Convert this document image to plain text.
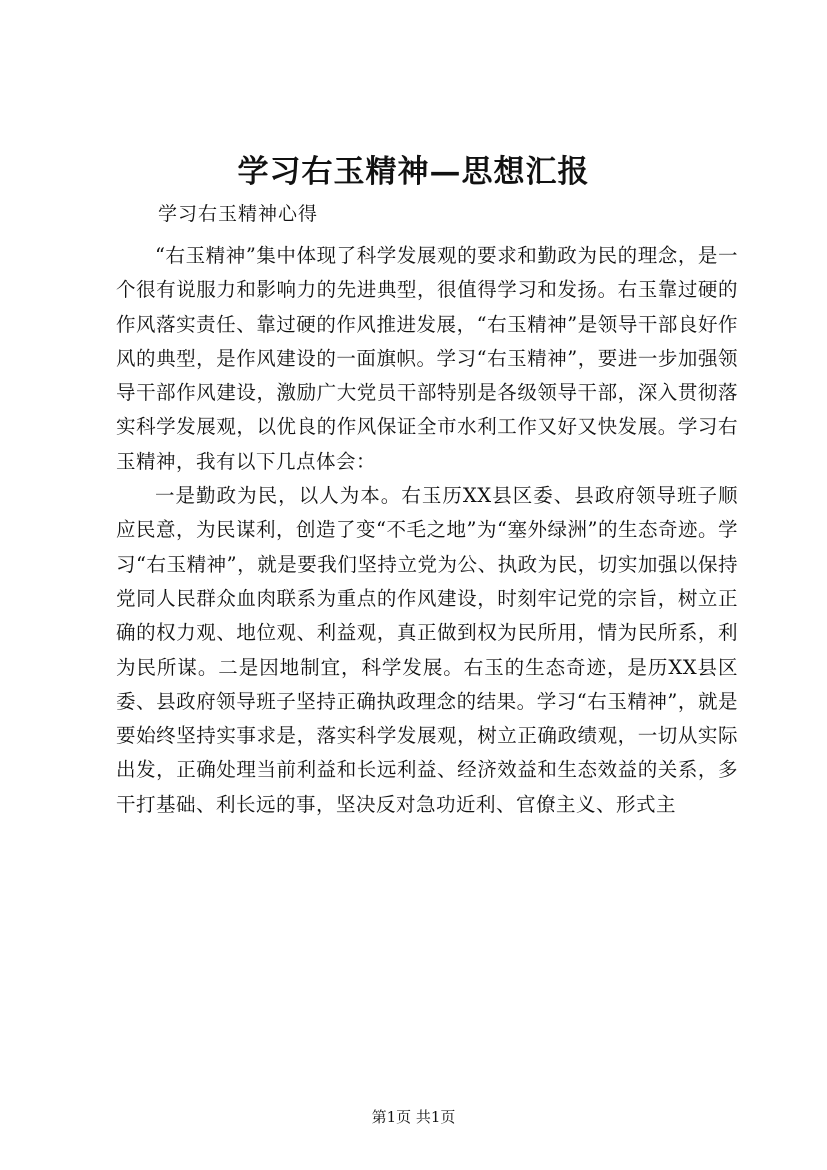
学习右玉精神—思想汇报

学习右玉精神心得

“右玉精神”集中体现了科学发展观的要求和勤政为民的理念，是一个很有说服力和影响力的先进典型，很值得学习和发扬。右玉靠过硬的作风落实责任、靠过硬的作风推进发展，“右玉精神”是领导干部良好作风的典型，是作风建设的一面旗帜。学习“右玉精神”，要进一步加强领导干部作风建设，激励广大党员干部特别是各级领导干部，深入贯彻落实科学发展观，以优良的作风保证全市水利工作又好又快发展。学习右玉精神，我有以下几点体会：

一是勤政为民，以人为本。右玉历XX县区委、县政府领导班子顺应民意，为民谋利，创造了变“不毛之地”为“塞外绿洲”的生态奇迹。学习“右玉精神”，就是要我们坚持立党为公、执政为民，切实加强以保持党同人民群众血肉联系为重点的作风建设，时刻牢记党的宗旨，树立正确的权力观、地位观、利益观，真正做到权为民所用，情为民所系，利为民所谋。二是因地制宜，科学发展。右玉的生态奇迹，是历XX县区委、县政府领导班子坚持正确执政理念的结果。学习“右玉精神”，就是要始终坚持实事求是，落实科学发展观，树立正确政绩观，一切从实际出发，正确处理当前利益和长远利益、经济效益和生态效益的关系，多干打基础、利长远的事，坚决反对急功近利、官僚主义、形式主

第1页 共1页
